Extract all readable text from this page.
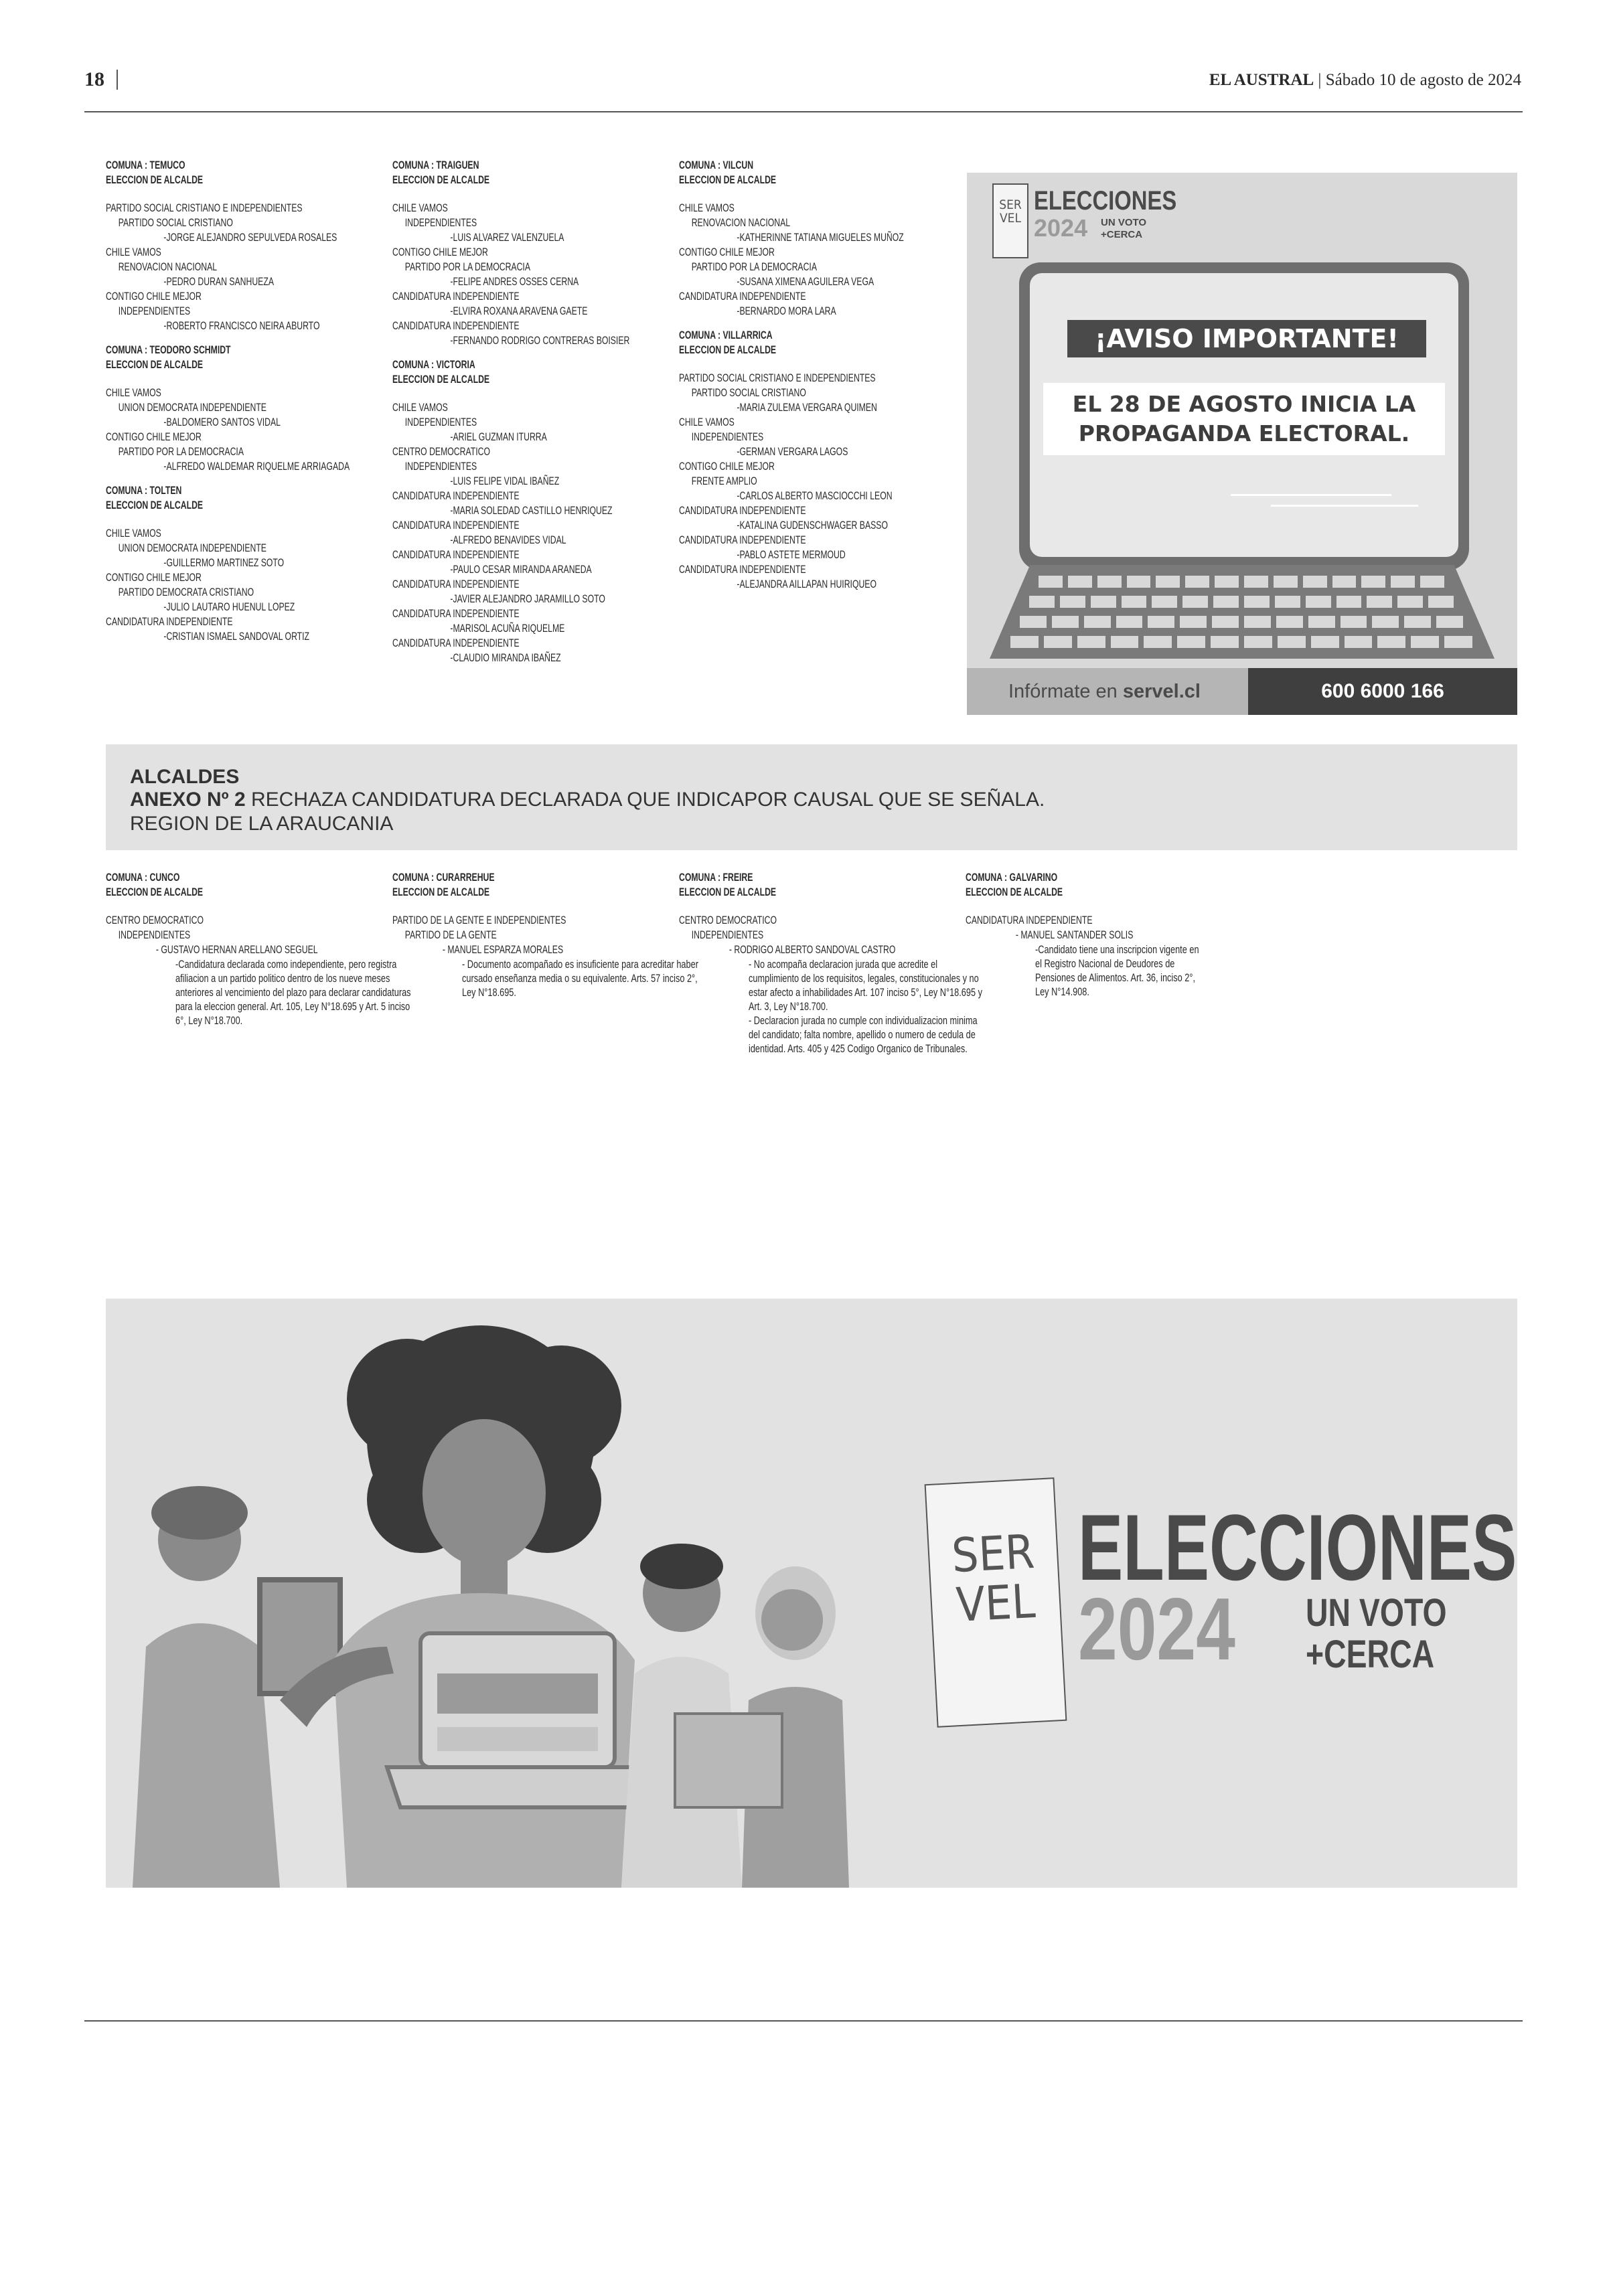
18	EL AUSTRAL | Sábado 10 de agosto de 2024
COMUNA : TEMUCO
ELECCION DE ALCALDE
PARTIDO SOCIAL CRISTIANO E INDEPENDIENTES
PARTIDO SOCIAL CRISTIANO
-JORGE ALEJANDRO SEPULVEDA ROSALES
CHILE VAMOS
RENOVACION NACIONAL
-PEDRO DURAN SANHUEZA
CONTIGO CHILE MEJOR
INDEPENDIENTES
-ROBERTO FRANCISCO NEIRA ABURTO
COMUNA : TEODORO SCHMIDT
ELECCION DE ALCALDE
CHILE VAMOS
UNION DEMOCRATA INDEPENDIENTE
-BALDOMERO SANTOS VIDAL
CONTIGO CHILE MEJOR
PARTIDO POR LA DEMOCRACIA
-ALFREDO WALDEMAR RIQUELME ARRIAGADA
COMUNA : TOLTEN
ELECCION DE ALCALDE
CHILE VAMOS
UNION DEMOCRATA INDEPENDIENTE
-GUILLERMO MARTINEZ SOTO
CONTIGO CHILE MEJOR
PARTIDO DEMOCRATA CRISTIANO
-JULIO LAUTARO HUENUL LOPEZ
CANDIDATURA INDEPENDIENTE
-CRISTIAN ISMAEL SANDOVAL ORTIZ
COMUNA : TRAIGUEN
ELECCION DE ALCALDE
CHILE VAMOS
INDEPENDIENTES
-LUIS ALVAREZ VALENZUELA
CONTIGO CHILE MEJOR
PARTIDO POR LA DEMOCRACIA
-FELIPE ANDRES OSSES CERNA
CANDIDATURA INDEPENDIENTE
-ELVIRA ROXANA ARAVENA GAETE
CANDIDATURA INDEPENDIENTE
-FERNANDO RODRIGO CONTRERAS BOISIER
COMUNA : VICTORIA
ELECCION DE ALCALDE
CHILE VAMOS
INDEPENDIENTES
-ARIEL GUZMAN ITURRA
CENTRO DEMOCRATICO
INDEPENDIENTES
-LUIS FELIPE VIDAL IBAÑEZ
CANDIDATURA INDEPENDIENTE
-MARIA SOLEDAD CASTILLO HENRIQUEZ
CANDIDATURA INDEPENDIENTE
-ALFREDO BENAVIDES VIDAL
CANDIDATURA INDEPENDIENTE
-PAULO CESAR MIRANDA ARANEDA
CANDIDATURA INDEPENDIENTE
-JAVIER ALEJANDRO JARAMILLO SOTO
CANDIDATURA INDEPENDIENTE
-MARISOL ACUÑA RIQUELME
CANDIDATURA INDEPENDIENTE
-CLAUDIO MIRANDA IBAÑEZ
COMUNA : VILCUN
ELECCION DE ALCALDE
CHILE VAMOS
RENOVACION NACIONAL
-KATHERINNE TATIANA MIGUELES MUÑOZ
CONTIGO CHILE MEJOR
PARTIDO POR LA DEMOCRACIA
-SUSANA XIMENA AGUILERA VEGA
CANDIDATURA INDEPENDIENTE
-BERNARDO MORA LARA
COMUNA : VILLARRICA
ELECCION DE ALCALDE
PARTIDO SOCIAL CRISTIANO E INDEPENDIENTES
PARTIDO SOCIAL CRISTIANO
-MARIA ZULEMA VERGARA QUIMEN
CHILE VAMOS
INDEPENDIENTES
-GERMAN VERGARA LAGOS
CONTIGO CHILE MEJOR
FRENTE AMPLIO
-CARLOS ALBERTO MASCIOCCHI LEON
CANDIDATURA INDEPENDIENTE
-KATALINA GUDENSCHWAGER BASSO
CANDIDATURA INDEPENDIENTE
-PABLO ASTETE MERMOUD
CANDIDATURA INDEPENDIENTE
-ALEJANDRA AILLAPAN HUIRIQUEO
SER
VEL
ELECCIONES
2024 UN VOTO
+CERCA
¡AVISO IMPORTANTE!
EL 28 DE AGOSTO INICIA LA
PROPAGANDA ELECTORAL.
Infórmate en servel.cl	600 6000 166
ALCALDES
ANEXO Nº 2 RECHAZA CANDIDATURA DECLARADA QUE INDICAPOR CAUSAL QUE SE SEÑALA.
REGION DE LA ARAUCANIA
COMUNA : CUNCO
ELECCION DE ALCALDE
CENTRO DEMOCRATICO
INDEPENDIENTES
- GUSTAVO HERNAN ARELLANO SEGUEL
-Candidatura declarada como independiente, pero registra afiliacion a un partido politico dentro de los nueve meses anteriores al vencimiento del plazo para declarar candidaturas para la eleccion general. Art. 105, Ley N°18.695 y Art. 5 inciso 6°, Ley N°18.700.
COMUNA : CURARREHUE
ELECCION DE ALCALDE
PARTIDO DE LA GENTE E INDEPENDIENTES
PARTIDO DE LA GENTE
- MANUEL ESPARZA MORALES
- Documento acompañado es insuficiente para acreditar haber cursado enseñanza media o su equivalente. Arts. 57 inciso 2°, Ley N°18.695.
COMUNA : FREIRE
ELECCION DE ALCALDE
CENTRO DEMOCRATICO
INDEPENDIENTES
- RODRIGO ALBERTO SANDOVAL CASTRO
- No acompaña declaracion jurada que acredite el cumplimiento de los requisitos, legales, constitucionales y no estar afecto a inhabilidades Art. 107 inciso 5°, Ley N°18.695 y Art. 3, Ley N°18.700.
- Declaracion jurada no cumple con individualizacion minima del candidato; falta nombre, apellido o numero de cedula de identidad. Arts. 405 y 425 Codigo Organico de Tribunales.
COMUNA : GALVARINO
ELECCION DE ALCALDE
CANDIDATURA INDEPENDIENTE
- MANUEL SANTANDER SOLIS
-Candidato tiene una inscripcion vigente en el Registro Nacional de Deudores de Pensiones de Alimentos. Art. 36, inciso 2°, Ley N°14.908.
SER
VEL
ELECCIONES
2024 UN VOTO
+CERCA
